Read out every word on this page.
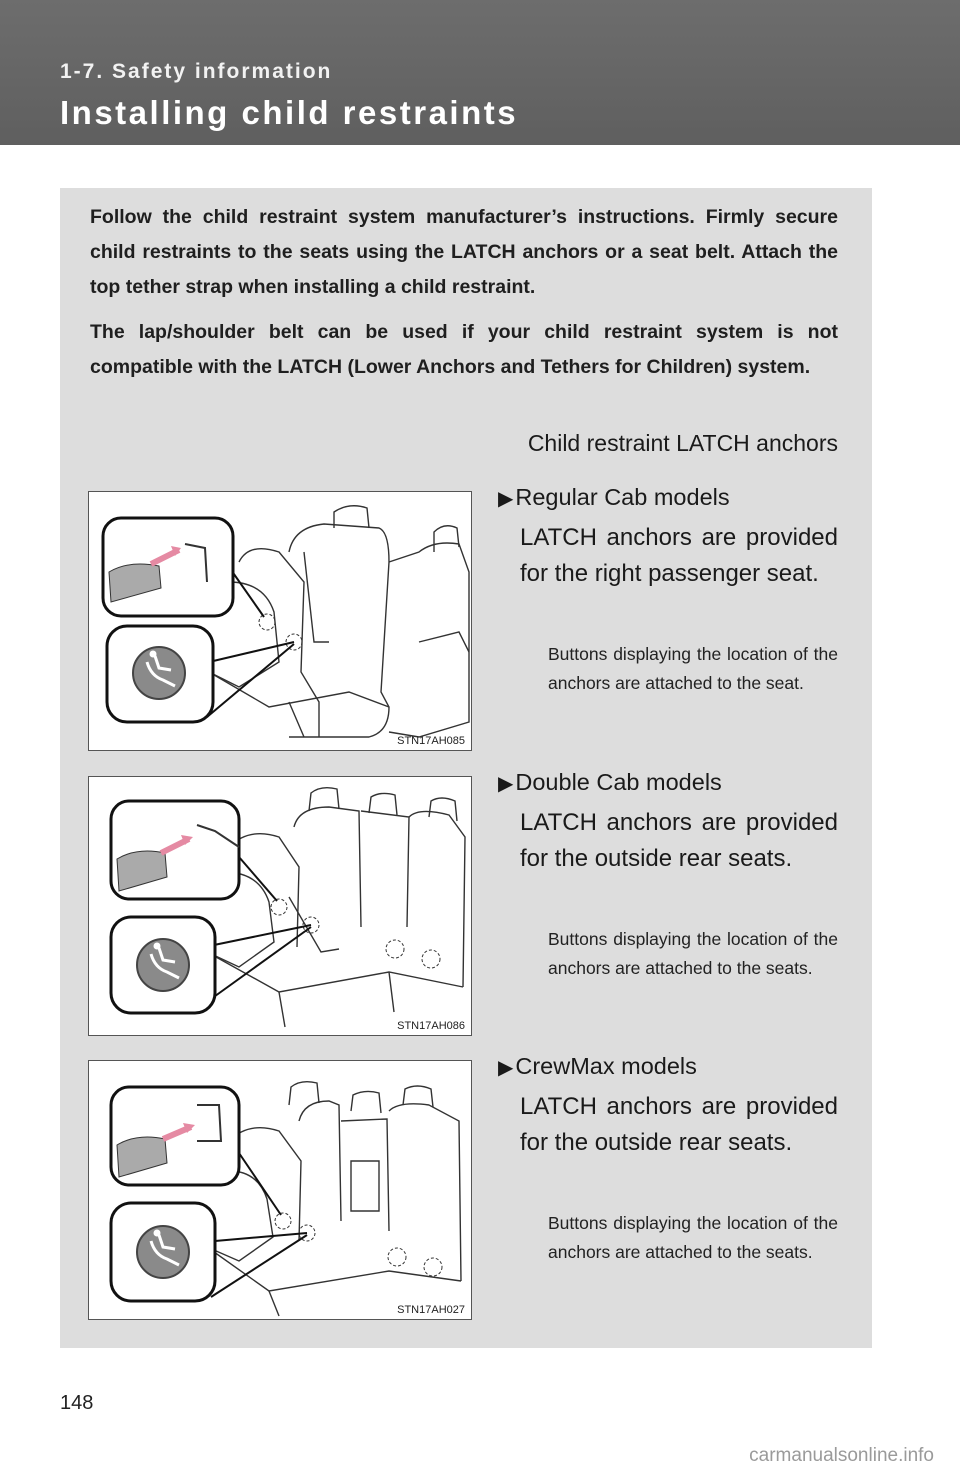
1-7. Safety information
Installing child restraints

Follow the child restraint system manufacturer’s instructions. Firmly secure child restraints to the seats using the LATCH anchors or a seat belt. Attach the top tether strap when installing a child restraint.

The lap/shoulder belt can be used if your child restraint system is not compatible with the LATCH (Lower Anchors and Tethers for Children) system.

Child restraint LATCH anchors

STN17AH085

▶Regular Cab models

LATCH anchors are provided for the right passenger seat.

Buttons displaying the location of the anchors are attached to the seat.

STN17AH086

▶Double Cab models

LATCH anchors are provided for the outside rear seats.

Buttons displaying the location of the anchors are attached to the seats.

STN17AH027

▶CrewMax models

LATCH anchors are provided for the outside rear seats.

Buttons displaying the location of the anchors are attached to the seats.

148
carmanualsonline.info
